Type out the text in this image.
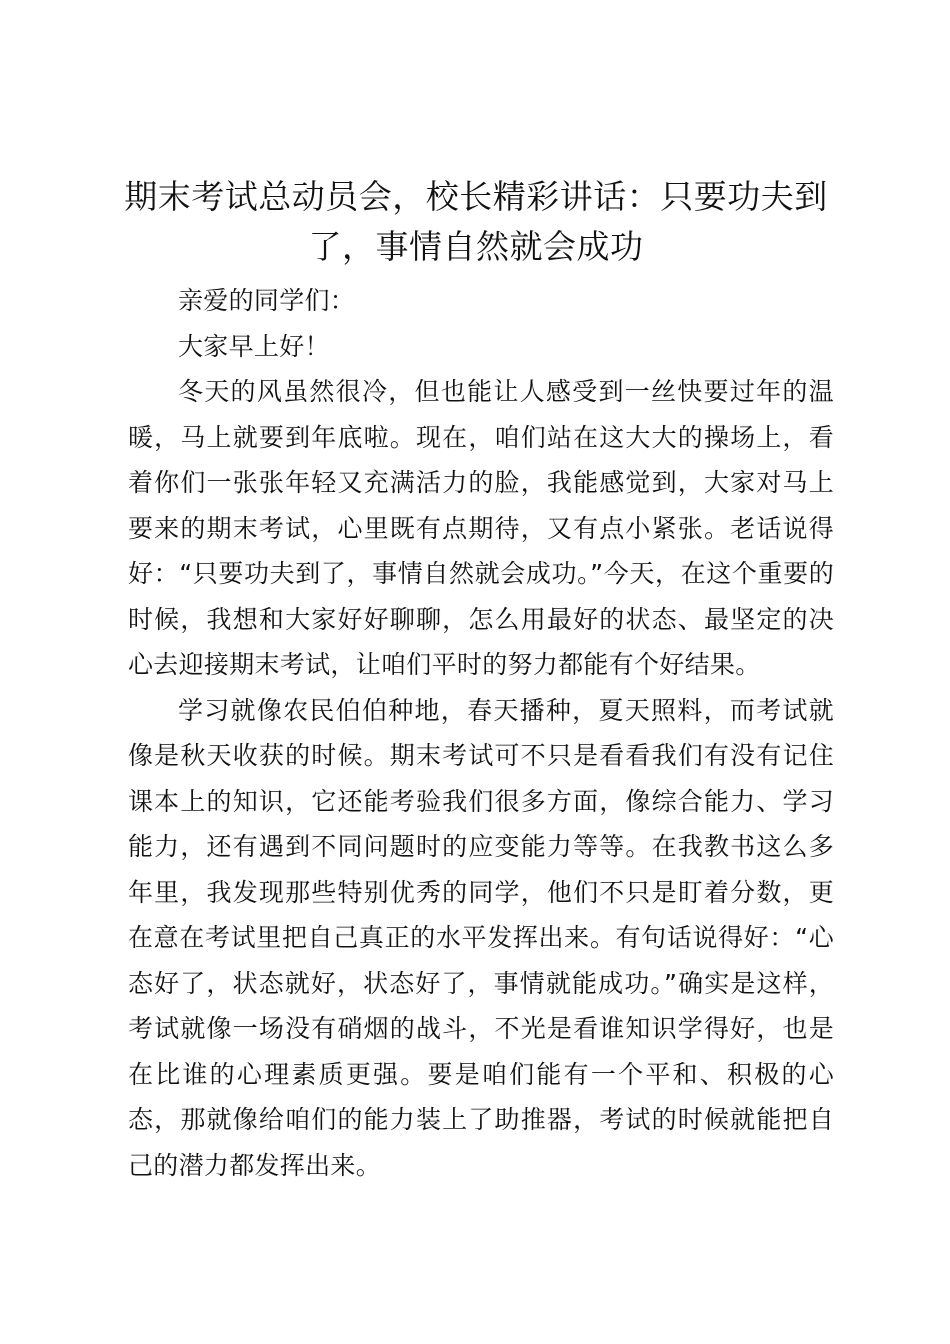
期末考试总动员会，校长精彩讲话：只要功夫到了，事情自然就会成功

亲爱的同学们：

大家早上好！

冬天的风虽然很冷，但也能让人感受到一丝快要过年的温暖，马上就要到年底啦。现在，咱们站在这大大的操场上，看着你们一张张年轻又充满活力的脸，我能感觉到，大家对马上要来的期末考试，心里既有点期待，又有点小紧张。老话说得好：“只要功夫到了，事情自然就会成功。”今天，在这个重要的时候，我想和大家好好聊聊，怎么用最好的状态、最坚定的决心去迎接期末考试，让咱们平时的努力都能有个好结果。

学习就像农民伯伯种地，春天播种，夏天照料，而考试就像是秋天收获的时候。期末考试可不只是看看我们有没有记住课本上的知识，它还能考验我们很多方面，像综合能力、学习能力，还有遇到不同问题时的应变能力等等。在我教书这么多年里，我发现那些特别优秀的同学，他们不只是盯着分数，更在意在考试里把自己真正的水平发挥出来。有句话说得好：“心态好了，状态就好，状态好了，事情就能成功。”确实是这样，考试就像一场没有硝烟的战斗，不光是看谁知识学得好，也是在比谁的心理素质更强。要是咱们能有一个平和、积极的心态，那就像给咱们的能力装上了助推器，考试的时候就能把自己的潜力都发挥出来。
